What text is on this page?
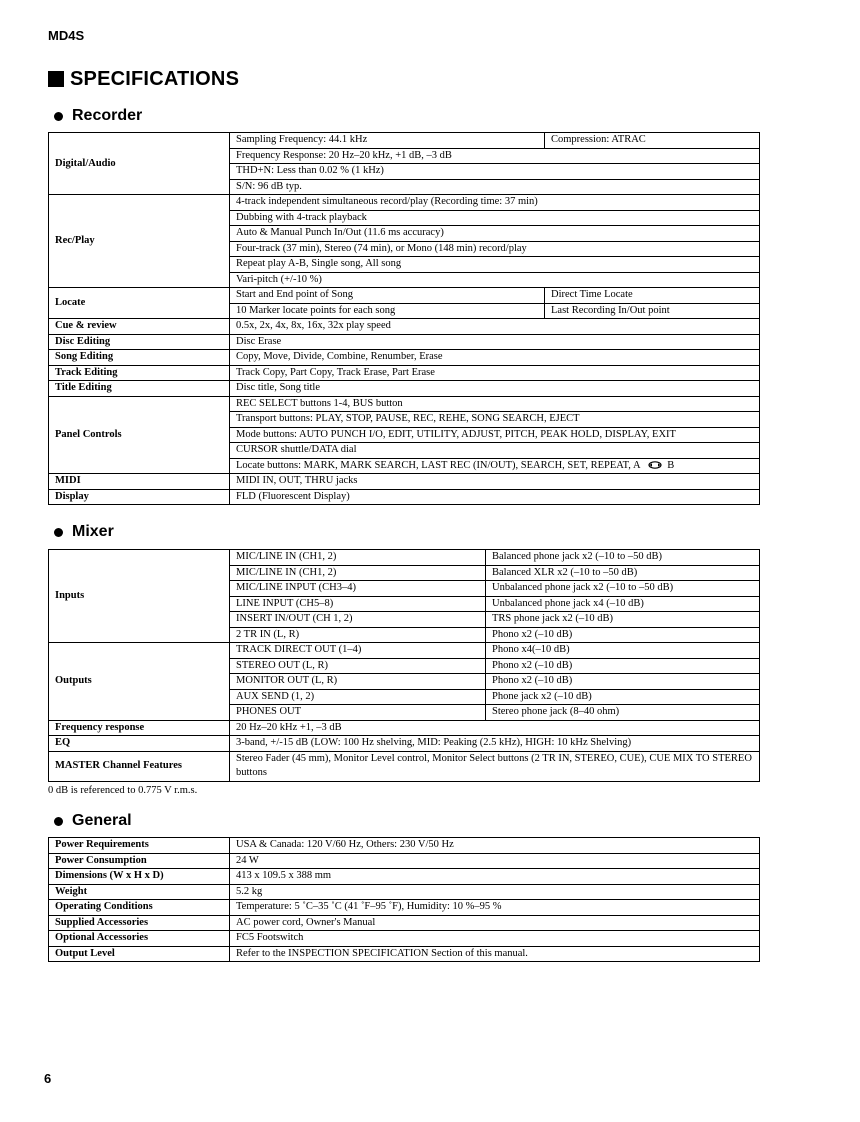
MD4S
SPECIFICATIONS
Recorder
Digital/Audio	Sampling Frequency: 44.1 kHz	Compression: ATRAC
	Frequency Response: 20 Hz–20 kHz, +1 dB, –3 dB	
	THD+N: Less than 0.02 % (1 kHz)	
	S/N: 96 dB typ.	
Rec/Play	4-track independent simultaneous record/play (Recording time: 37 min)	
	Dubbing with 4-track playback	
	Auto & Manual Punch In/Out (11.6 ms accuracy)	
	Four-track (37 min), Stereo (74 min), or Mono (148 min) record/play	
	Repeat play A-B, Single song, All song	
	Vari-pitch (+/-10 %)	
Locate	Start and End point of Song	Direct Time Locate
	10 Marker locate points for each song	Last Recording In/Out point
Cue & review	0.5x, 2x, 4x, 8x, 16x, 32x play speed	
Disc Editing	Disc Erase	
Song Editing	Copy, Move, Divide, Combine, Renumber, Erase	
Track Editing	Track Copy, Part Copy, Track Erase, Part Erase	
Title Editing	Disc title, Song title	
Panel Controls	REC SELECT buttons 1-4, BUS button	
	Transport buttons: PLAY, STOP, PAUSE, REC, REHE, SONG SEARCH, EJECT	
	Mode buttons: AUTO PUNCH I/O, EDIT, UTILITY, ADJUST, PITCH, PEAK HOLD, DISPLAY, EXIT	
	CURSOR shuttle/DATA dial	
	Locate buttons: MARK, MARK SEARCH, LAST REC (IN/OUT), SEARCH, SET, REPEAT, A B	
MIDI	MIDI IN, OUT, THRU jacks	
Display	FLD (Fluorescent Display)	
Mixer
Inputs	MIC/LINE IN (CH1, 2)	Balanced phone jack x2 (–10 to –50 dB)
	MIC/LINE IN (CH1, 2)	Balanced XLR x2 (–10 to –50 dB)
	MIC/LINE INPUT (CH3–4)	Unbalanced phone jack x2 (–10 to –50 dB)
	LINE INPUT (CH5–8)	Unbalanced phone jack x4 (–10 dB)
	INSERT IN/OUT (CH 1, 2)	TRS phone jack x2 (–10 dB)
	2 TR IN (L, R)	Phono x2 (–10 dB)
Outputs	TRACK DIRECT OUT (1–4)	Phono x4(–10 dB)
	STEREO OUT (L, R)	Phono x2 (–10 dB)
	MONITOR OUT (L, R)	Phono x2 (–10 dB)
	AUX SEND (1, 2)	Phone jack x2 (–10 dB)
	PHONES OUT	Stereo phone jack (8–40 ohm)
Frequency response	20 Hz–20 kHz +1, –3 dB	
EQ	3-band, +/-15 dB (LOW: 100 Hz shelving, MID: Peaking (2.5 kHz), HIGH: 10 kHz Shelving)	
MASTER Channel Features	Stereo Fader (45 mm), Monitor Level control, Monitor Select buttons (2 TR IN, STEREO, CUE), CUE MIX TO STEREO buttons	
0 dB is referenced to 0.775 V r.m.s.
General
Power Requirements	USA & Canada: 120 V/60 Hz, Others: 230 V/50 Hz
Power Consumption	24 W
Dimensions (W x H x D)	413 x 109.5 x 388 mm
Weight	5.2 kg
Operating Conditions	Temperature: 5 ˚C–35 ˚C (41 ˚F–95 ˚F), Humidity: 10 %–95 %
Supplied Accessories	AC power cord, Owner's Manual
Optional Accessories	FC5 Footswitch
Output Level	Refer to the INSPECTION SPECIFICATION Section of this manual.
6
